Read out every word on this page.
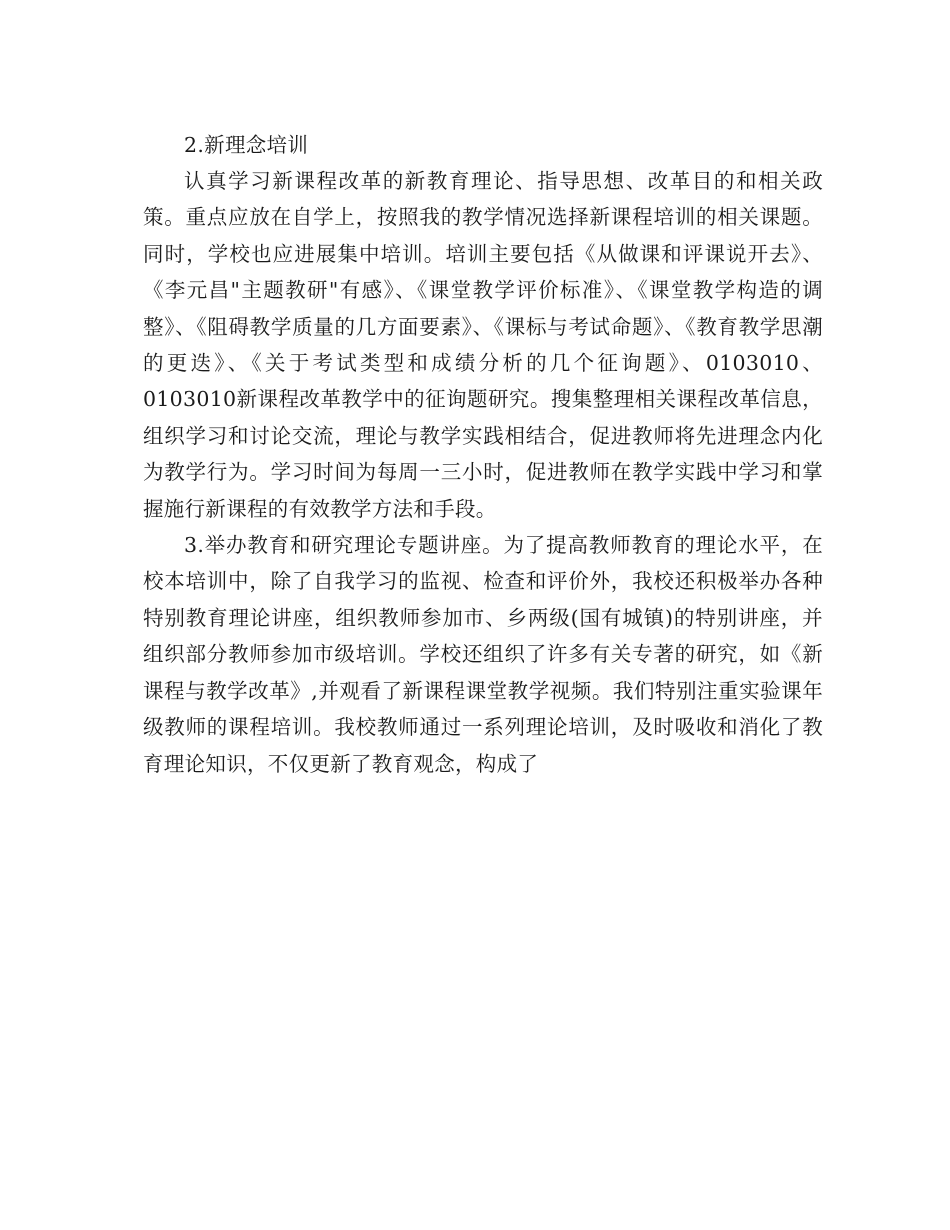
2.新理念培训

认真学习新课程改革的新教育理论、指导思想、改革目的和相关政策。重点应放在自学上，按照我的教学情况选择新课程培训的相关课题。同时，学校也应进展集中培训。培训主要包括《从做课和评课说开去》、《李元昌"主题教研"有感》、《课堂教学评价标准》、《课堂教学构造的调整》、《阻碍教学质量的几方面要素》、《课标与考试命题》、《教育教学思潮的更迭》、《关于考试类型和成绩分析的几个征询题》、0103010、0103010新课程改革教学中的征询题研究。搜集整理相关课程改革信息，组织学习和讨论交流，理论与教学实践相结合，促进教师将先进理念内化为教学行为。学习时间为每周一三小时，促进教师在教学实践中学习和掌握施行新课程的有效教学方法和手段。

3.举办教育和研究理论专题讲座。为了提高教师教育的理论水平，在校本培训中，除了自我学习的监视、检查和评价外，我校还积极举办各种特别教育理论讲座，组织教师参加市、乡两级(国有城镇)的特别讲座，并组织部分教师参加市级培训。学校还组织了许多有关专著的研究，如《新课程与教学改革》,并观看了新课程课堂教学视频。我们特别注重实验课年级教师的课程培训。我校教师通过一系列理论培训，及时吸收和消化了教育理论知识，不仅更新了教育观念，构成了
